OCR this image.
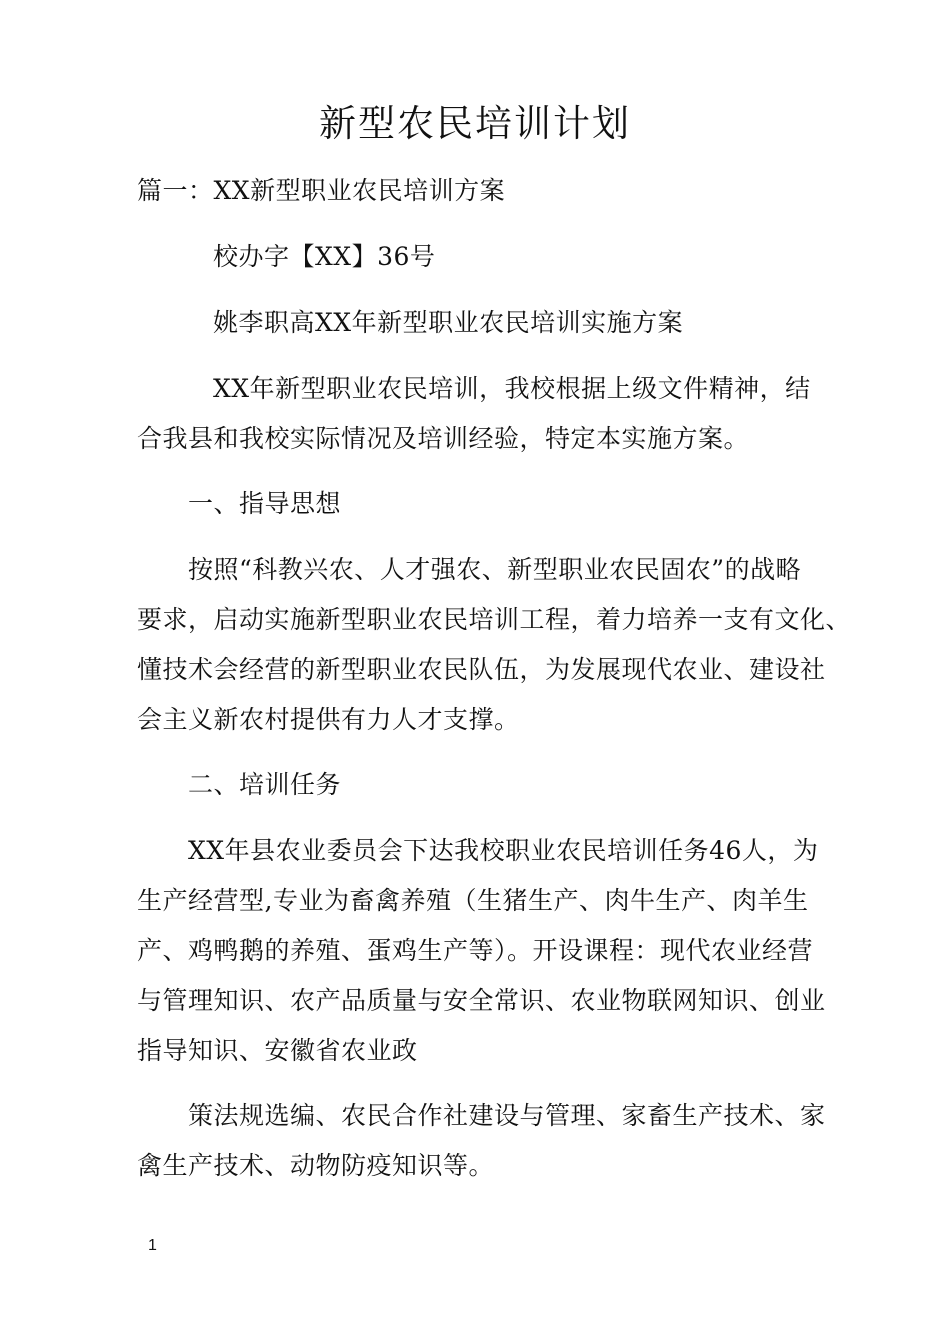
新型农民培训计划
篇一：XX新型职业农民培训方案
校办字【XX】36号
姚李职高XX年新型职业农民培训实施方案
XX年新型职业农民培训，我校根据上级文件精神，结
合我县和我校实际情况及培训经验，特定本实施方案。
一、指导思想
按照“科教兴农、人才强农、新型职业农民固农”的战略
要求，启动实施新型职业农民培训工程，着力培养一支有文化、
懂技术会经营的新型职业农民队伍，为发展现代农业、建设社
会主义新农村提供有力人才支撑。
二、培训任务
XX年县农业委员会下达我校职业农民培训任务46人，为
生产经营型,专业为畜禽养殖（生猪生产、肉牛生产、肉羊生
产、鸡鸭鹅的养殖、蛋鸡生产等）。开设课程：现代农业经营
与管理知识、农产品质量与安全常识、农业物联网知识、创业
指导知识、安徽省农业政
策法规选编、农民合作社建设与管理、家畜生产技术、家
禽生产技术、动物防疫知识等。
1
